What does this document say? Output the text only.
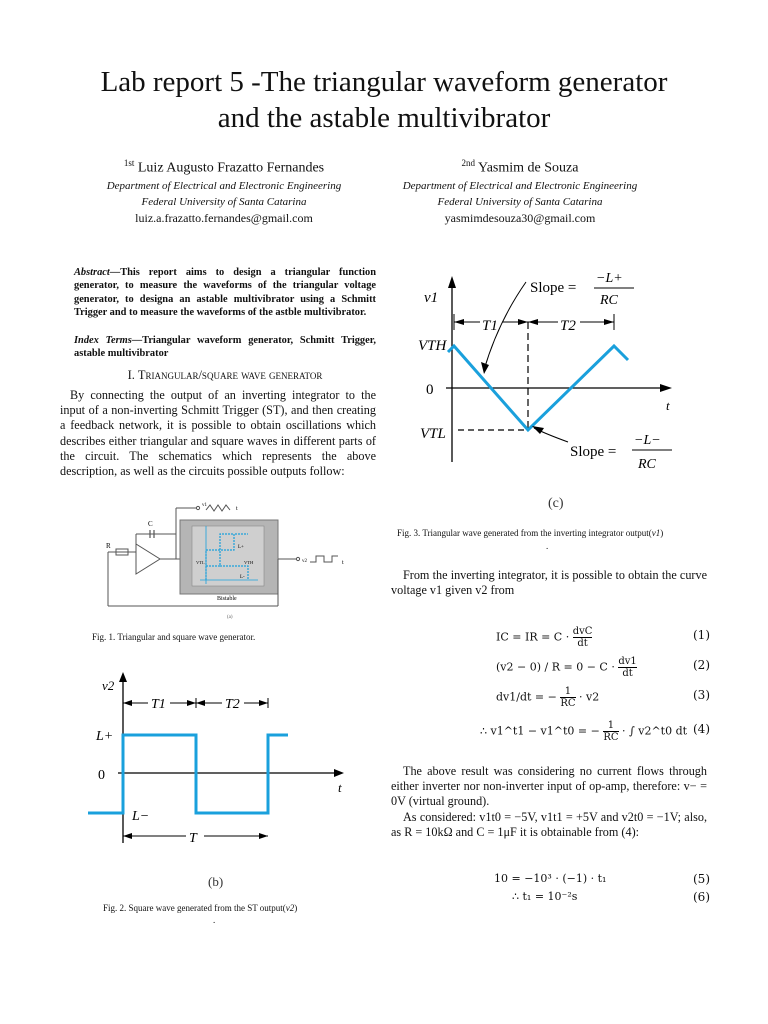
Lab report 5 -The triangular waveform generator
and the astable multivibrator
$^{1st}$ Luiz Augusto Frazatto Fernandes
Department of Electrical and Electronic Engineering
Federal University of Santa Catarina
luiz.a.frazatto.fernandes@gmail.com
$^{2nd}$ Yasmim de Souza
Department of Electrical and Electronic Engineering
Federal University of Santa Catarina
yasmimdesouza30@gmail.com
Abstract—This report aims to design a triangular function generator, to measure the waveforms of the triangular voltage generator, to designa an astable multivibrator using a Schmitt Trigger and to measure the waveforms of the astble multivibrator.
Index Terms—Triangular waveform generator, Schmitt Trigger, astable multivibrator
I. Triangular/square wave generator
By connecting the output of an inverting integrator to the input of a non-inverting Schmitt Trigger (ST), and then creating a feedback network, it is possible to obtain oscillations which describes either triangular and square waves in different parts of the circuit. The schematics which represents the above description, as well as the circuits possible outputs follow:
R
C
v1
t
L+
L-
VTL	VTH	v2	t
Bistable
(a)
Fig. 1. Triangular and square wave generator.
v2
t
0
L+
L−
T1	T2
T
(b)
Fig. 2. Square wave generated from the ST output(v2)
.
v1
t
0
VTH
VTL
T1	T2
Slope =
−L+
RC
Slope =
−L−
RC
(c)
Fig. 3. Triangular wave generated from the inverting integrator output(v1)
.
From the inverting integrator, it is possible to obtain the curve voltage v1 given v2 from
IC = IR = C · dvC
dt
(1)
$(v2 - 0) / R = 0 - C \cdot \frac{dv1}{dt}$	(2)
dv1/dt = − $\frac{1}{RC} \cdot v2$	(3)
∴ v1^t1 − v1^t0 = − $\frac{1}{RC}$ · ∫ v2^t0 dt (4)
The above result was considering no current flows through either inverter nor non-inverter input of op-amp, therefore: v− = 0V (virtual ground).
As considered: v1t0 = −5V, v1t1 = +5V and v2t0 = −1V; also, as R = 10kΩ and C = 1μF it is obtainable from (4):
10 = −10³ · (−1) · t₁	(5)
∴ t₁ = 10⁻²s	(6)
